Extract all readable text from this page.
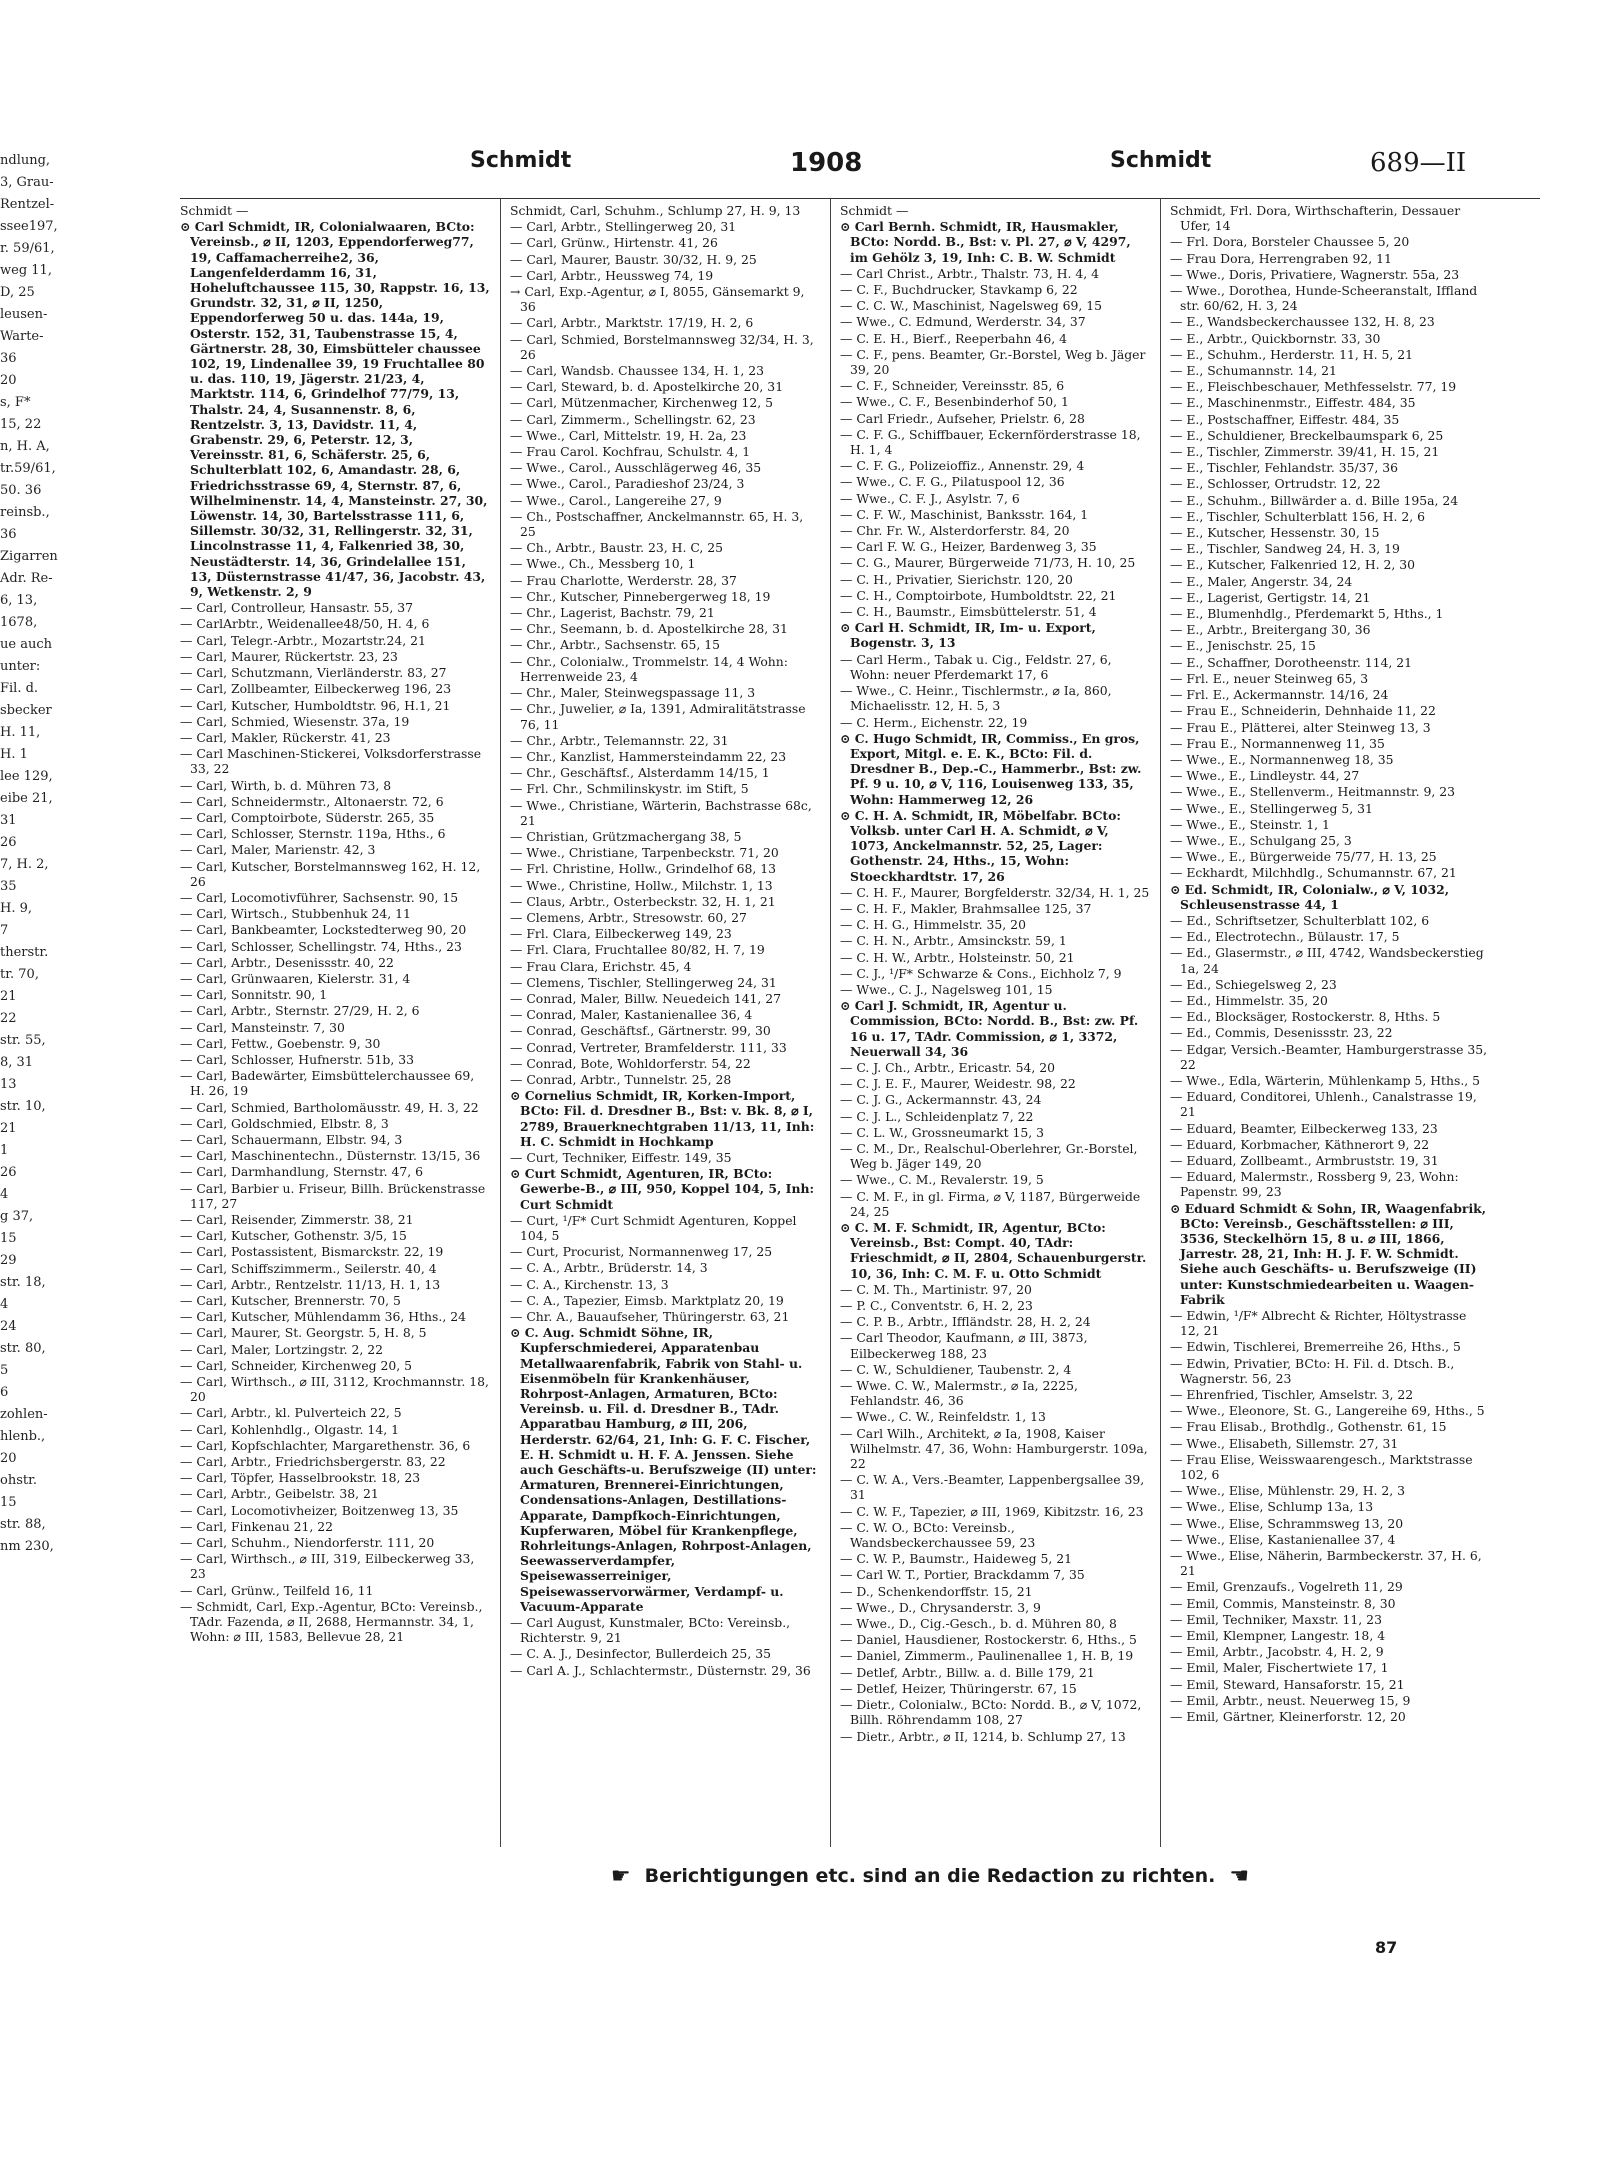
ndlung,
3, Grau-
Rentzel-
ssee197,
r. 59/61,
weg 11,
D, 25
leusen-
Warte-
36
20
s, F*
15, 22
n, H. A,
tr.59/61,
50. 36
reinsb.,
36
Zigarren
Adr. Re-
6, 13,
1678,
ue auch
unter:
Fil. d.
sbecker
H. 11,
H. 1
lee 129,
eibe 21,
31
26
7, H. 2,
35
H. 9,
7
therstr.
tr. 70,
21
22
str. 55,
8, 31
13
str. 10,
21
1
26
4
g 37,
15
29
str. 18,
4
24
str. 80,
5
6
zohlen-
hlenb.,
20
ohstr.
15
str. 88,
nm 230,
Schmidt	1908	Schmidt	689—II
Schmidt —
⊙ Carl Schmidt, IR, Colonialwaaren, BCto: Vereinsb., ⌀ II, 1203, Eppendorferweg77, 19, Caffamacherreihe2, 36, Langenfelderdamm 16, 31, Hoheluftchaussee 115, 30, Rappstr. 16, 13, Grundstr. 32, 31, ⌀ II, 1250, Eppendorferweg 50 u. das. 144a, 19, Osterstr. 152, 31, Taubenstrasse 15, 4, Gärtnerstr. 28, 30, Eimsbütteler chaussee 102, 19, Lindenallee 39, 19 Fruchtallee 80 u. das. 110, 19, Jägerstr. 21/23, 4, Marktstr. 114, 6, Grindelhof 77/79, 13, Thalstr. 24, 4, Susannenstr. 8, 6, Rentzelstr. 3, 13, Davidstr. 11, 4, Grabenstr. 29, 6, Peterstr. 12, 3, Vereinsstr. 81, 6, Schäferstr. 25, 6, Schulterblatt 102, 6, Amandastr. 28, 6, Friedrichsstrasse 69, 4, Sternstr. 87, 6, Wilhelminenstr. 14, 4, Mansteinstr. 27, 30, Löwenstr. 14, 30, Bartelsstrasse 111, 6, Sillemstr. 30/32, 31, Rellingerstr. 32, 31, Lincolnstrasse 11, 4, Falkenried 38, 30, Neustädterstr. 14, 36, Grindelallee 151, 13, Düsternstrasse 41/47, 36, Jacobstr. 43, 9, Wetkenstr. 2, 9
— Carl, Controlleur, Hansastr. 55, 37
— CarlArbtr., Weidenallee48/50, H. 4, 6
— Carl, Telegr.-Arbtr., Mozartstr.24, 21
— Carl, Maurer, Rückertstr. 23, 23
— Carl, Schutzmann, Vierländerstr. 83, 27
— Carl, Zollbeamter, Eilbeckerweg 196, 23
— Carl, Kutscher, Humboldtstr. 96, H.1, 21
— Carl, Schmied, Wiesenstr. 37a, 19
— Carl, Makler, Rückerstr. 41, 23
— Carl Maschinen-Stickerei, Volksdorferstrasse 33, 22
— Carl, Wirth, b. d. Mühren 73, 8
— Carl, Schneidermstr., Altonaerstr. 72, 6
— Carl, Comptoirbote, Süderstr. 265, 35
— Carl, Schlosser, Sternstr. 119a, Hths., 6
— Carl, Maler, Marienstr. 42, 3
— Carl, Kutscher, Borstelmannsweg 162, H. 12, 26
— Carl, Locomotivführer, Sachsenstr. 90, 15
— Carl, Wirtsch., Stubbenhuk 24, 11
— Carl, Bankbeamter, Lockstedterweg 90, 20
— Carl, Schlosser, Schellingstr. 74, Hths., 23
— Carl, Arbtr., Desenissstr. 40, 22
— Carl, Grünwaaren, Kielerstr. 31, 4
— Carl, Sonnitstr. 90, 1
— Carl, Arbtr., Sternstr. 27/29, H. 2, 6
— Carl, Mansteinstr. 7, 30
— Carl, Fettw., Goebenstr. 9, 30
— Carl, Schlosser, Hufnerstr. 51b, 33
— Carl, Badewärter, Eimsbüttelerchaussee 69, H. 26, 19
— Carl, Schmied, Bartholomäusstr. 49, H. 3, 22
— Carl, Goldschmied, Elbstr. 8, 3
— Carl, Schauermann, Elbstr. 94, 3
— Carl, Maschinentechn., Düsternstr. 13/15, 36
— Carl, Darmhandlung, Sternstr. 47, 6
— Carl, Barbier u. Friseur, Billh. Brückenstrasse 117, 27
— Carl, Reisender, Zimmerstr. 38, 21
— Carl, Kutscher, Gothenstr. 3/5, 15
— Carl, Postassistent, Bismarckstr. 22, 19
— Carl, Schiffszimmerm., Seilerstr. 40, 4
— Carl, Arbtr., Rentzelstr. 11/13, H. 1, 13
— Carl, Kutscher, Brennerstr. 70, 5
— Carl, Kutscher, Mühlendamm 36, Hths., 24
— Carl, Maurer, St. Georgstr. 5, H. 8, 5
— Carl, Maler, Lortzingstr. 2, 22
— Carl, Schneider, Kirchenweg 20, 5
— Carl, Wirthsch., ⌀ III, 3112, Krochmannstr. 18, 20
— Carl, Arbtr., kl. Pulverteich 22, 5
— Carl, Kohlenhdlg., Olgastr. 14, 1
— Carl, Kopfschlachter, Margarethenstr. 36, 6
— Carl, Arbtr., Friedrichsbergerstr. 83, 22
— Carl, Töpfer, Hasselbrookstr. 18, 23
— Carl, Arbtr., Geibelstr. 38, 21
— Carl, Locomotivheizer, Boitzenweg 13, 35
— Carl, Finkenau 21, 22
— Carl, Schuhm., Niendorferstr. 111, 20
— Carl, Wirthsch., ⌀ III, 319, Eilbeckerweg 33, 23
— Carl, Grünw., Teilfeld 16, 11
— Schmidt, Carl, Exp.-Agentur, BCto: Vereinsb., TAdr. Fazenda, ⌀ II, 2688, Hermannstr. 34, 1, Wohn: ⌀ III, 1583, Bellevue 28, 21
Schmidt, Carl, Schuhm., Schlump 27, H. 9, 13
— Carl, Arbtr., Stellingerweg 20, 31
— Carl, Grünw., Hirtenstr. 41, 26
— Carl, Maurer, Baustr. 30/32, H. 9, 25
— Carl, Arbtr., Heussweg 74, 19
→ Carl, Exp.-Agentur, ⌀ I, 8055, Gänsemarkt 9, 36
— Carl, Arbtr., Marktstr. 17/19, H. 2, 6
— Carl, Schmied, Borstelmannsweg 32/34, H. 3, 26
— Carl, Wandsb. Chaussee 134, H. 1, 23
— Carl, Steward, b. d. Apostelkirche 20, 31
— Carl, Mützenmacher, Kirchenweg 12, 5
— Carl, Zimmerm., Schellingstr. 62, 23
— Wwe., Carl, Mittelstr. 19, H. 2a, 23
— Frau Carol. Kochfrau, Schulstr. 4, 1
— Wwe., Carol., Ausschlägerweg 46, 35
— Wwe., Carol., Paradieshof 23/24, 3
— Wwe., Carol., Langereihe 27, 9
— Ch., Postschaffner, Anckelmannstr. 65, H. 3, 25
— Ch., Arbtr., Baustr. 23, H. C, 25
— Wwe., Ch., Messberg 10, 1
— Frau Charlotte, Werderstr. 28, 37
— Chr., Kutscher, Pinnebergerweg 18, 19
— Chr., Lagerist, Bachstr. 79, 21
— Chr., Seemann, b. d. Apostelkirche 28, 31
— Chr., Arbtr., Sachsenstr. 65, 15
— Chr., Colonialw., Trommelstr. 14, 4 Wohn: Herrenweide 23, 4
— Chr., Maler, Steinwegspassage 11, 3
— Chr., Juwelier, ⌀ Ia, 1391, Admiralitätstrasse 76, 11
— Chr., Arbtr., Telemannstr. 22, 31
— Chr., Kanzlist, Hammersteindamm 22, 23
— Chr., Geschäftsf., Alsterdamm 14/15, 1
— Frl. Chr., Schmilinskystr. im Stift, 5
— Wwe., Christiane, Wärterin, Bachstrasse 68c, 21
— Christian, Grützmachergang 38, 5
— Wwe., Christiane, Tarpenbeckstr. 71, 20
— Frl. Christine, Hollw., Grindelhof 68, 13
— Wwe., Christine, Hollw., Milchstr. 1, 13
— Claus, Arbtr., Osterbeckstr. 32, H. 1, 21
— Clemens, Arbtr., Stresowstr. 60, 27
— Frl. Clara, Eilbeckerweg 149, 23
— Frl. Clara, Fruchtallee 80/82, H. 7, 19
— Frau Clara, Erichstr. 45, 4
— Clemens, Tischler, Stellingerweg 24, 31
— Conrad, Maler, Billw. Neuedeich 141, 27
— Conrad, Maler, Kastanienallee 36, 4
— Conrad, Geschäftsf., Gärtnerstr. 99, 30
— Conrad, Vertreter, Bramfelderstr. 111, 33
— Conrad, Bote, Wohldorferstr. 54, 22
— Conrad, Arbtr., Tunnelstr. 25, 28
⊙ Cornelius Schmidt, IR, Korken-Import, BCto: Fil. d. Dresdner B., Bst: v. Bk. 8, ⌀ I, 2789, Brauerknechtgraben 11/13, 11, Inh: H. C. Schmidt in Hochkamp
— Curt, Techniker, Eiffestr. 149, 35
⊙ Curt Schmidt, Agenturen, IR, BCto: Gewerbe-B., ⌀ III, 950, Koppel 104, 5, Inh: Curt Schmidt
— Curt, ¹/F* Curt Schmidt Agenturen, Koppel 104, 5
— Curt, Procurist, Normannenweg 17, 25
— C. A., Arbtr., Brüderstr. 14, 3
— C. A., Kirchenstr. 13, 3
— C. A., Tapezier, Eimsb. Marktplatz 20, 19
— Chr. A., Bauaufseher, Thüringerstr. 63, 21
⊙ C. Aug. Schmidt Söhne, IR, Kupferschmiederei, Apparatenbau Metallwaarenfabrik, Fabrik von Stahl- u. Eisenmöbeln für Krankenhäuser, Rohrpost-Anlagen, Armaturen, BCto: Vereinsb. u. Fil. d. Dresdner B., TAdr. Apparatbau Hamburg, ⌀ III, 206, Herderstr. 62/64, 21, Inh: G. F. C. Fischer, E. H. Schmidt u. H. F. A. Jenssen. Siehe auch Geschäfts-u. Berufszweige (II) unter: Armaturen, Brennerei-Einrichtungen, Condensations-Anlagen, Destillations-Apparate, Dampfkoch-Einrichtungen, Kupferwaren, Möbel für Krankenpflege, Rohrleitungs-Anlagen, Rohrpost-Anlagen, Seewasserverdampfer, Speisewasserreiniger, Speisewasservorwärmer, Verdampf- u. Vacuum-Apparate
— Carl August, Kunstmaler, BCto: Vereinsb., Richterstr. 9, 21
— C. A. J., Desinfector, Bullerdeich 25, 35
— Carl A. J., Schlachtermstr., Düsternstr. 29, 36
Schmidt —
⊙ Carl Bernh. Schmidt, IR, Hausmakler, BCto: Nordd. B., Bst: v. Pl. 27, ⌀ V, 4297, im Gehölz 3, 19, Inh: C. B. W. Schmidt
— Carl Christ., Arbtr., Thalstr. 73, H. 4, 4
— C. F., Buchdrucker, Stavkamp 6, 22
— C. C. W., Maschinist, Nagelsweg 69, 15
— Wwe., C. Edmund, Werderstr. 34, 37
— C. E. H., Bierf., Reeperbahn 46, 4
— C. F., pens. Beamter, Gr.-Borstel, Weg b. Jäger 39, 20
— C. F., Schneider, Vereinsstr. 85, 6
— Wwe., C. F., Besenbinderhof 50, 1
— Carl Friedr., Aufseher, Prielstr. 6, 28
— C. F. G., Schiffbauer, Eckernförderstrasse 18, H. 1, 4
— C. F. G., Polizeioffiz., Annenstr. 29, 4
— Wwe., C. F. G., Pilatuspool 12, 36
— Wwe., C. F. J., Asylstr. 7, 6
— C. F. W., Maschinist, Banksstr. 164, 1
— Chr. Fr. W., Alsterdorferstr. 84, 20
— Carl F. W. G., Heizer, Bardenweg 3, 35
— C. G., Maurer, Bürgerweide 71/73, H. 10, 25
— C. H., Privatier, Sierichstr. 120, 20
— C. H., Comptoirbote, Humboldtstr. 22, 21
— C. H., Baumstr., Eimsbüttelerstr. 51, 4
⊙ Carl H. Schmidt, IR, Im- u. Export, Bogenstr. 3, 13
— Carl Herm., Tabak u. Cig., Feldstr. 27, 6, Wohn: neuer Pferdemarkt 17, 6
— Wwe., C. Heinr., Tischlermstr., ⌀ Ia, 860, Michaelisstr. 12, H. 5, 3
— C. Herm., Eichenstr. 22, 19
⊙ C. Hugo Schmidt, IR, Commiss., En gros, Export, Mitgl. e. E. K., BCto: Fil. d. Dresdner B., Dep.-C., Hammerbr., Bst: zw. Pf. 9 u. 10, ⌀ V, 116, Louisenweg 133, 35, Wohn: Hammerweg 12, 26
⊙ C. H. A. Schmidt, IR, Möbelfabr. BCto: Volksb. unter Carl H. A. Schmidt, ⌀ V, 1073, Anckelmannstr. 52, 25, Lager: Gothenstr. 24, Hths., 15, Wohn: Stoeckhardtstr. 17, 26
— C. H. F., Maurer, Borgfelderstr. 32/34, H. 1, 25
— C. H. F., Makler, Brahmsallee 125, 37
— C. H. G., Himmelstr. 35, 20
— C. H. N., Arbtr., Amsinckstr. 59, 1
— C. H. W., Arbtr., Holsteinstr. 50, 21
— C. J., ¹/F* Schwarze & Cons., Eichholz 7, 9
— Wwe., C. J., Nagelsweg 101, 15
⊙ Carl J. Schmidt, IR, Agentur u. Commission, BCto: Nordd. B., Bst: zw. Pf. 16 u. 17, TAdr. Commission, ⌀ 1, 3372, Neuerwall 34, 36
— C. J. Ch., Arbtr., Ericastr. 54, 20
— C. J. E. F., Maurer, Weidestr. 98, 22
— C. J. G., Ackermannstr. 43, 24
— C. J. L., Schleidenplatz 7, 22
— C. L. W., Grossneumarkt 15, 3
— C. M., Dr., Realschul-Oberlehrer, Gr.-Borstel, Weg b. Jäger 149, 20
— Wwe., C. M., Revalerstr. 19, 5
— C. M. F., in gl. Firma, ⌀ V, 1187, Bürgerweide 24, 25
⊙ C. M. F. Schmidt, IR, Agentur, BCto: Vereinsb., Bst: Compt. 40, TAdr: Frieschmidt, ⌀ II, 2804, Schauenburgerstr. 10, 36, Inh: C. M. F. u. Otto Schmidt
— C. M. Th., Martinistr. 97, 20
— P. C., Conventstr. 6, H. 2, 23
— C. P. B., Arbtr., Iffländstr. 28, H. 2, 24
— Carl Theodor, Kaufmann, ⌀ III, 3873, Eilbeckerweg 188, 23
— C. W., Schuldiener, Taubenstr. 2, 4
— Wwe. C. W., Malermstr., ⌀ Ia, 2225, Fehlandstr. 46, 36
— Wwe., C. W., Reinfeldstr. 1, 13
— Carl Wilh., Architekt, ⌀ Ia, 1908, Kaiser Wilhelmstr. 47, 36, Wohn: Hamburgerstr. 109a, 22
— C. W. A., Vers.-Beamter, Lappenbergsallee 39, 31
— C. W. F., Tapezier, ⌀ III, 1969, Kibitzstr. 16, 23
— C. W. O., BCto: Vereinsb., Wandsbeckerchaussee 59, 23
— C. W. P., Baumstr., Haideweg 5, 21
— Carl W. T., Portier, Brackdamm 7, 35
— D., Schenkendorffstr. 15, 21
— Wwe., D., Chrysanderstr. 3, 9
— Wwe., D., Cig.-Gesch., b. d. Mühren 80, 8
— Daniel, Hausdiener, Rostockerstr. 6, Hths., 5
— Daniel, Zimmerm., Paulinenallee 1, H. B, 19
— Detlef, Arbtr., Billw. a. d. Bille 179, 21
— Detlef, Heizer, Thüringerstr. 67, 15
— Dietr., Colonialw., BCto: Nordd. B., ⌀ V, 1072, Billh. Röhrendamm 108, 27
— Dietr., Arbtr., ⌀ II, 1214, b. Schlump 27, 13
Schmidt, Frl. Dora, Wirthschafterin, Dessauer Ufer, 14
— Frl. Dora, Borsteler Chaussee 5, 20
— Frau Dora, Herrengraben 92, 11
— Wwe., Doris, Privatiere, Wagnerstr. 55a, 23
— Wwe., Dorothea, Hunde-Scheeranstalt, Iffland str. 60/62, H. 3, 24
— E., Wandsbeckerchaussee 132, H. 8, 23
— E., Arbtr., Quickbornstr. 33, 30
— E., Schuhm., Herderstr. 11, H. 5, 21
— E., Schumannstr. 14, 21
— E., Fleischbeschauer, Methfesselstr. 77, 19
— E., Maschinenmstr., Eiffestr. 484, 35
— E., Postschaffner, Eiffestr. 484, 35
— E., Schuldiener, Breckelbaumspark 6, 25
— E., Tischler, Zimmerstr. 39/41, H. 15, 21
— E., Tischler, Fehlandstr. 35/37, 36
— E., Schlosser, Ortrudstr. 12, 22
— E., Schuhm., Billwärder a. d. Bille 195a, 24
— E., Tischler, Schulterblatt 156, H. 2, 6
— E., Kutscher, Hessenstr. 30, 15
— E., Tischler, Sandweg 24, H. 3, 19
— E., Kutscher, Falkenried 12, H. 2, 30
— E., Maler, Angerstr. 34, 24
— E., Lagerist, Gertigstr. 14, 21
— E., Blumenhdlg., Pferdemarkt 5, Hths., 1
— E., Arbtr., Breitergang 30, 36
— E., Jenischstr. 25, 15
— E., Schaffner, Dorotheenstr. 114, 21
— Frl. E., neuer Steinweg 65, 3
— Frl. E., Ackermannstr. 14/16, 24
— Frau E., Schneiderin, Dehnhaide 11, 22
— Frau E., Plätterei, alter Steinweg 13, 3
— Frau E., Normannenweg 11, 35
— Wwe., E., Normannenweg 18, 35
— Wwe., E., Lindleystr. 44, 27
— Wwe., E., Stellenverm., Heitmannstr. 9, 23
— Wwe., E., Stellingerweg 5, 31
— Wwe., E., Steinstr. 1, 1
— Wwe., E., Schulgang 25, 3
— Wwe., E., Bürgerweide 75/77, H. 13, 25
— Eckhardt, Milchhdlg., Schumannstr. 67, 21
⊙ Ed. Schmidt, IR, Colonialw., ⌀ V, 1032, Schleusenstrasse 44, 1
— Ed., Schriftsetzer, Schulterblatt 102, 6
— Ed., Electrotechn., Bülaustr. 17, 5
— Ed., Glasermstr., ⌀ III, 4742, Wandsbeckerstieg 1a, 24
— Ed., Schiegelsweg 2, 23
— Ed., Himmelstr. 35, 20
— Ed., Blocksäger, Rostockerstr. 8, Hths. 5
— Ed., Commis, Desenissstr. 23, 22
— Edgar, Versich.-Beamter, Hamburgerstrasse 35, 22
— Wwe., Edla, Wärterin, Mühlenkamp 5, Hths., 5
— Eduard, Conditorei, Uhlenh., Canalstrasse 19, 21
— Eduard, Beamter, Eilbeckerweg 133, 23
— Eduard, Korbmacher, Käthnerort 9, 22
— Eduard, Zollbeamt., Armbruststr. 19, 31
— Eduard, Malermstr., Rossberg 9, 23, Wohn: Papenstr. 99, 23
⊙ Eduard Schmidt & Sohn, IR, Waagenfabrik, BCto: Vereinsb., Geschäftsstellen: ⌀ III, 3536, Steckelhörn 15, 8 u. ⌀ III, 1866, Jarrestr. 28, 21, Inh: H. J. F. W. Schmidt. Siehe auch Geschäfts- u. Berufszweige (II) unter: Kunstschmiedearbeiten u. Waagen-Fabrik
— Edwin, ¹/F* Albrecht & Richter, Höltystrasse 12, 21
— Edwin, Tischlerei, Bremerreihe 26, Hths., 5
— Edwin, Privatier, BCto: H. Fil. d. Dtsch. B., Wagnerstr. 56, 23
— Ehrenfried, Tischler, Amselstr. 3, 22
— Wwe., Eleonore, St. G., Langereihe 69, Hths., 5
— Frau Elisab., Brothdlg., Gothenstr. 61, 15
— Wwe., Elisabeth, Sillemstr. 27, 31
— Frau Elise, Weisswaarengesch., Marktstrasse 102, 6
— Wwe., Elise, Mühlenstr. 29, H. 2, 3
— Wwe., Elise, Schlump 13a, 13
— Wwe., Elise, Schrammsweg 13, 20
— Wwe., Elise, Kastanienallee 37, 4
— Wwe., Elise, Näherin, Barmbeckerstr. 37, H. 6, 21
— Emil, Grenzaufs., Vogelreth 11, 29
— Emil, Commis, Mansteinstr. 8, 30
— Emil, Techniker, Maxstr. 11, 23
— Emil, Klempner, Langestr. 18, 4
— Emil, Arbtr., Jacobstr. 4, H. 2, 9
— Emil, Maler, Fischertwiete 17, 1
— Emil, Steward, Hansaforstr. 15, 21
— Emil, Arbtr., neust. Neuerweg 15, 9
— Emil, Gärtner, Kleinerforstr. 12, 20
☛ Berichtigungen etc. sind an die Redaction zu richten. ☚
87
